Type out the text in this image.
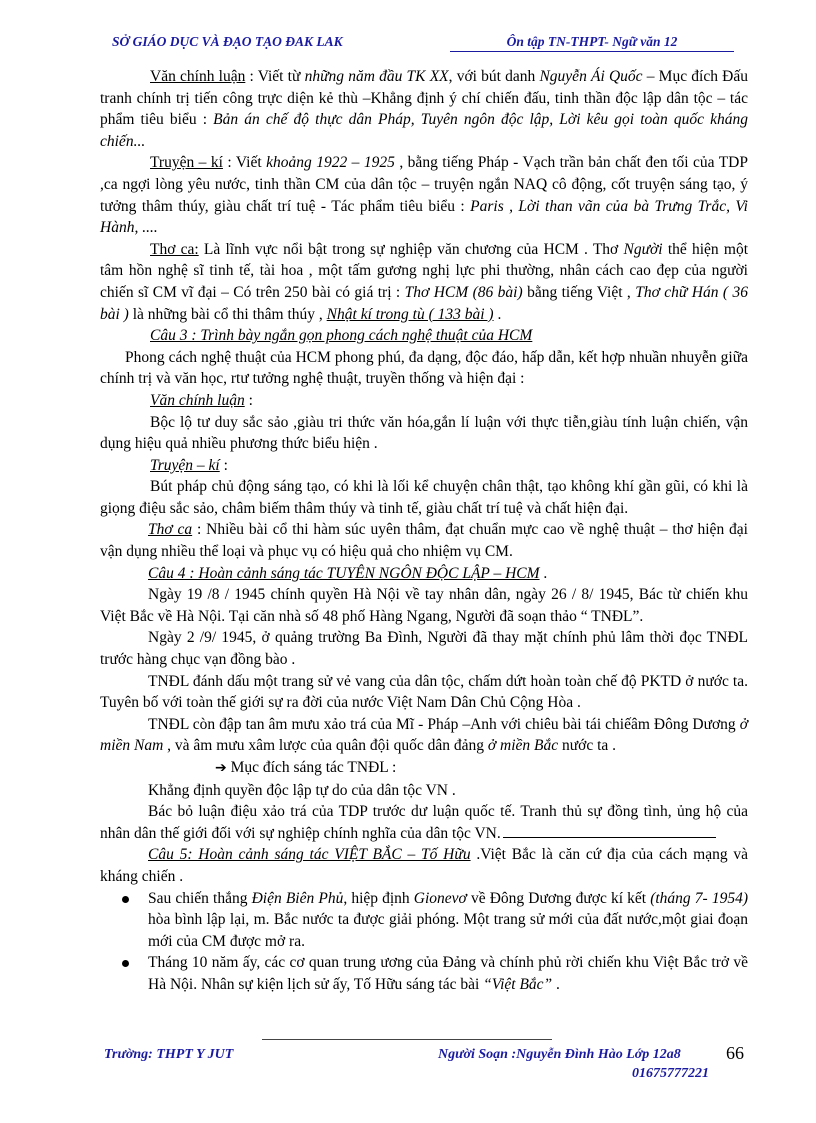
SỞ GIÁO DỤC VÀ ĐẠO TẠO ĐAK LAK	Ôn tập TN-THPT- Ngữ văn 12

Văn chính luận : Viết từ những năm đầu TK XX, với bút danh Nguyễn Ái Quốc – Mục đích Đấu tranh chính trị tiến công trực diện kẻ thù –Khẳng định ý chí chiến đấu, tinh thần độc lập dân tộc – tác phẩm tiêu biểu : Bản án chế độ thực dân Pháp, Tuyên ngôn độc lập, Lời kêu gọi toàn quốc kháng chiến...

Truyện – kí : Viết khoảng 1922 – 1925 , bằng tiếng Pháp - Vạch trần bản chất đen tối của TDP ,ca ngợi lòng yêu nước, tinh thần CM của dân tộc – truyện ngắn NAQ cô động, cốt truyện sáng tạo, ý tưởng thâm thúy, giàu chất trí tuệ - Tác phẩm tiêu biểu : Paris , Lời than vãn của bà Trưng Trắc, Vi Hành, ....

Thơ ca: Là lĩnh vực nổi bật trong sự nghiệp văn chương của HCM . Thơ Người thể hiện một tâm hồn nghệ sĩ tinh tế, tài hoa , một tấm gương nghị lực phi thường, nhân cách cao đẹp của người chiến sĩ CM vĩ đại – Có trên 250 bài có giá trị : Thơ HCM (86 bài) bằng tiếng Việt , Thơ chữ Hán ( 36 bài ) là những bài cổ thi thâm thúy , Nhật kí trong tù ( 133 bài ) .

Câu 3 : Trình bày ngắn gọn phong cách nghệ thuật của HCM

Phong cách nghệ thuật của HCM phong phú, đa dạng, độc đáo, hấp dẫn, kết hợp nhuần nhuyễn giữa chính trị và văn học, rtư tưởng nghệ thuật, truyền thống và hiện đại :

Văn chính luận :

Bộc lộ tư duy sắc sảo ,giàu tri thức văn hóa,gắn lí luận với thực tiễn,giàu tính luận chiến, vận dụng hiệu quả nhiều phương thức biểu hiện .

Truyện – kí :

Bút pháp chủ động sáng tạo, có khi là lối kể chuyện chân thật, tạo không khí gần gũi, có khi là giọng điệu sắc sảo, châm biếm thâm thúy và tinh tế, giàu chất trí tuệ và chất hiện đại.

Thơ ca : Nhiều bài cổ thi hàm súc uyên thâm, đạt chuẩn mực cao về nghệ thuật – thơ hiện đại vận dụng nhiều thể loại và phục vụ có hiệu quả cho nhiệm vụ CM.

Câu 4 : Hoàn cảnh sáng tác TUYÊN NGÔN ĐỘC LẬP – HCM .

Ngày 19 /8 / 1945 chính quyền Hà Nội về tay nhân dân, ngày 26 / 8/ 1945, Bác từ chiến khu Việt Bắc về Hà Nội. Tại căn nhà số 48 phố Hàng Ngang, Người đã soạn thảo “ TNĐL”.

Ngày 2 /9/ 1945, ở quảng trường Ba Đình, Người đã thay mặt chính phủ lâm thời đọc TNĐL trước hàng chục vạn đồng bào .

TNĐL đánh dấu một trang sử vẻ vang của dân tộc, chấm dứt hoàn toàn chế độ PKTD ở nước ta. Tuyên bố với toàn thế giới sự ra đời của nước Việt Nam Dân Chủ Cộng Hòa .

TNĐL còn đập tan âm mưu xảo trá của Mĩ - Pháp –Anh với chiêu bài tái chiếâm Đông Dương ở miền Nam , và âm mưu xâm lược của quân đội quốc dân đảng ở miền Bắc nước ta .

➔ Mục đích sáng tác TNĐL :

Khẳng định quyền độc lập tự do của dân tộc VN .

Bác bỏ luận điệu xảo trá của TDP trước dư luận quốc tế. Tranh thủ sự đồng tình, ủng hộ của nhân dân thế giới đối với sự nghiệp chính nghĩa của dân tộc VN.

Câu 5: Hoàn cảnh sáng tác VIỆT BẮC – Tố Hữu .Việt Bắc là căn cứ địa của cách mạng và kháng chiến .

Sau chiến thắng Điện Biên Phủ, hiệp định Gionevơ về Đông Dương được kí kết (tháng 7- 1954) hòa bình lập lại, m. Bắc nước ta được giải phóng. Một trang sử mới của đất nước,một giai đoạn mới của CM được mở ra.

Tháng 10 năm ấy, các cơ quan trung ương của Đảng và chính phủ rời chiến khu Việt Bắc trở về Hà Nội. Nhân sự kiện lịch sử ấy, Tố Hữu sáng tác bài “Việt Bắc” .

Trường: THPT Y JUT	Người Soạn :Nguyễn Đình Hào Lớp 12a8	66
01675777221
